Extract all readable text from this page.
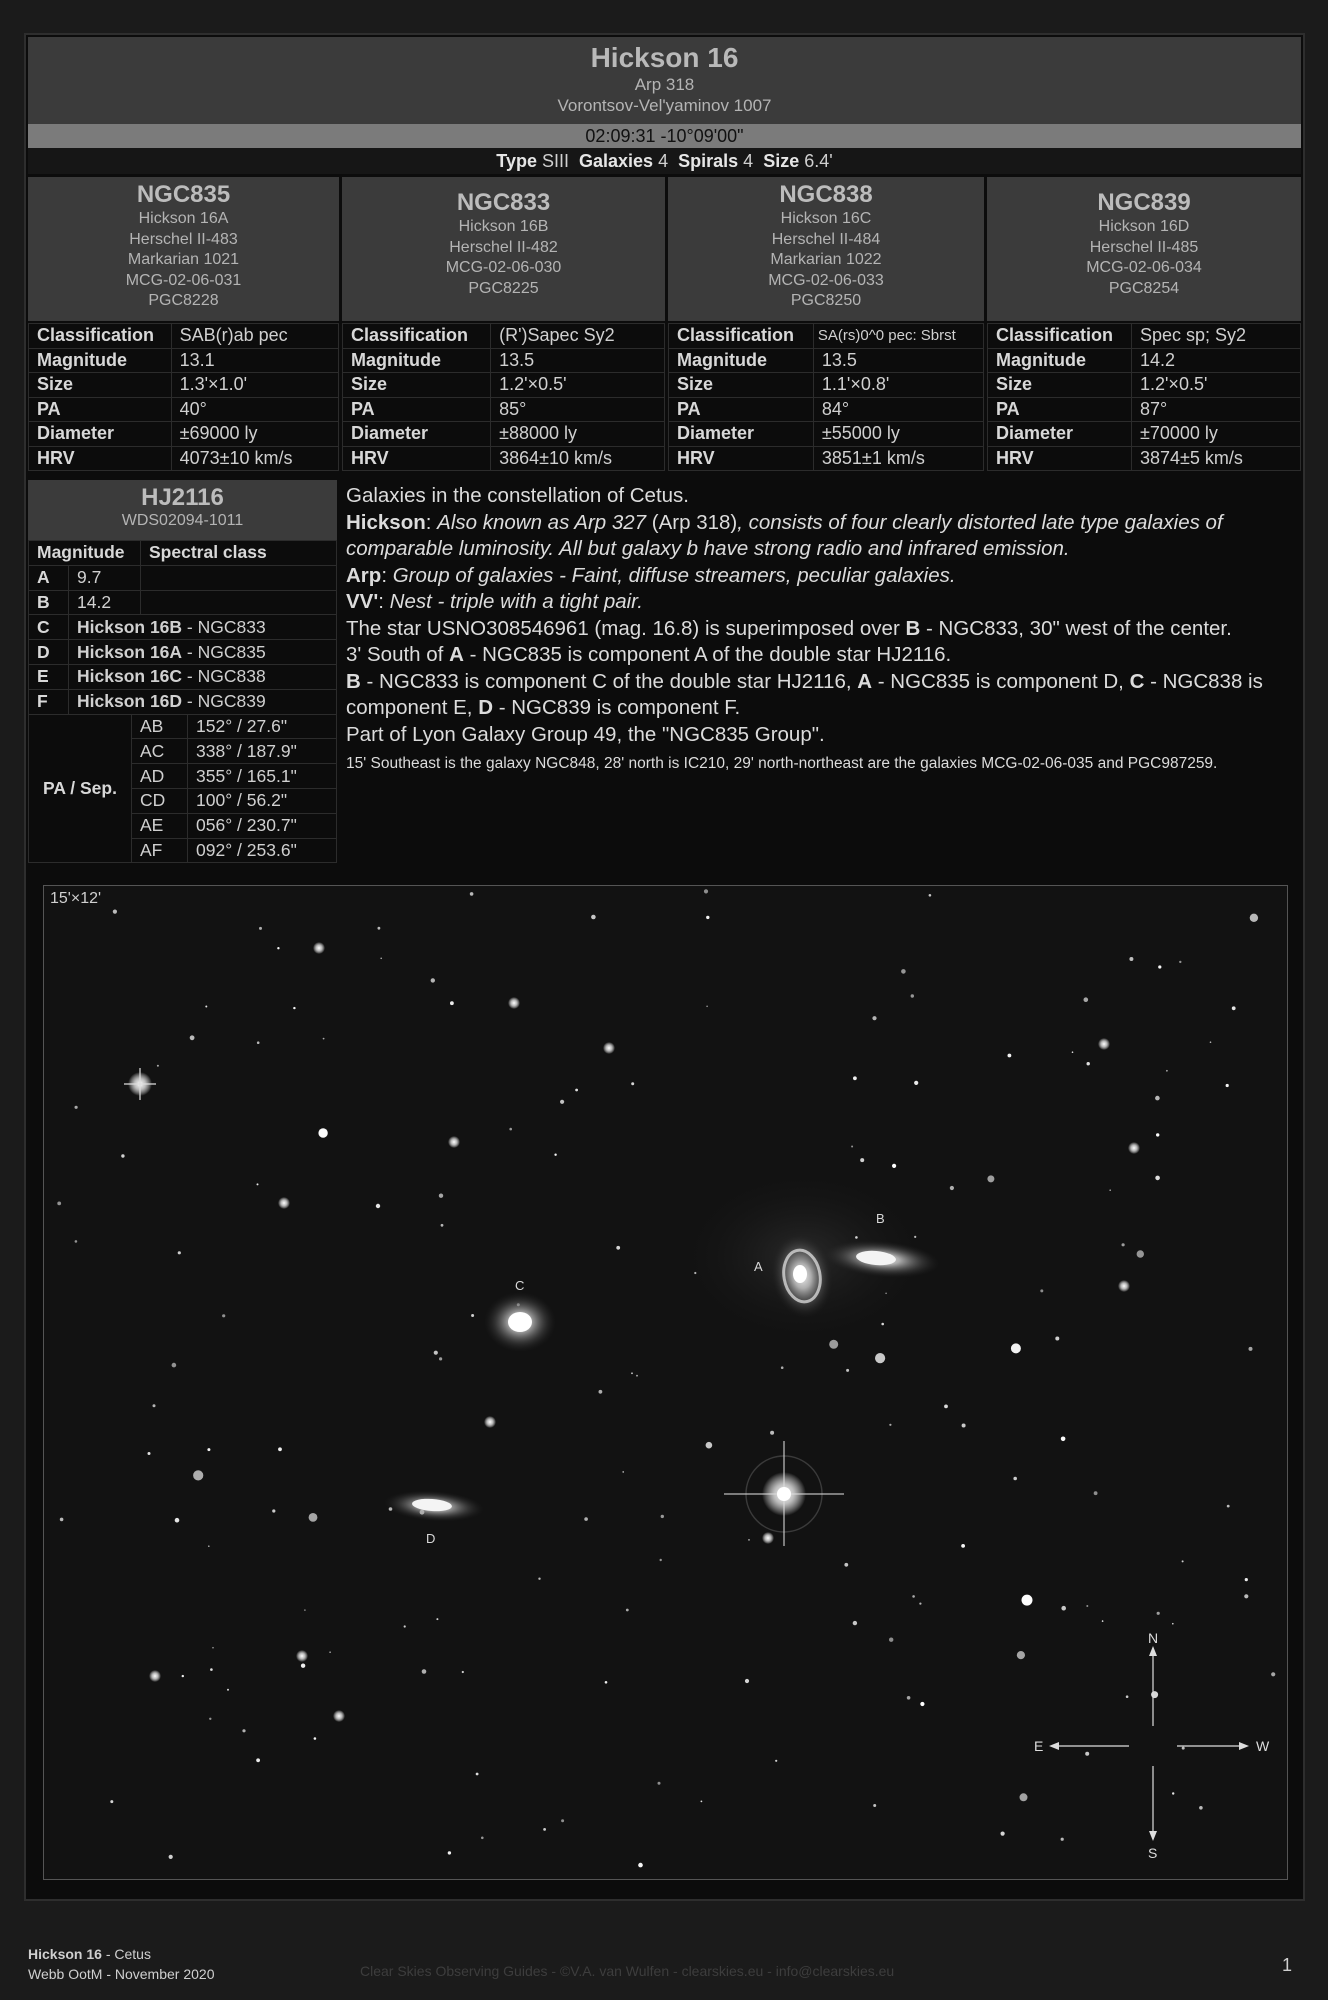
Hickson 16
Arp 318
Vorontsov-Vel'yaminov 1007
02:09:31 -10°09'00"
Type SIII Galaxies 4 Spirals 4 Size 6.4'
NGC835
Hickson 16A
Herschel II-483
Markarian 1021
MCG-02-06-031
PGC8228
Classification	SAB(r)ab pec
Magnitude	13.1
Size	1.3'×1.0'
PA	40°
Diameter	±69000 ly
HRV	4073±10 km/s
NGC833
Hickson 16B
Herschel II-482
MCG-02-06-030
PGC8225
Classification	(R')Sapec Sy2
Magnitude	13.5
Size	1.2'×0.5'
PA	85°
Diameter	±88000 ly
HRV	3864±10 km/s
NGC838
Hickson 16C
Herschel II-484
Markarian 1022
MCG-02-06-033
PGC8250
Classification	SA(rs)0^0 pec: Sbrst
Magnitude	13.5
Size	1.1'×0.8'
PA	84°
Diameter	±55000 ly
HRV	3851±1 km/s
NGC839
Hickson 16D
Herschel II-485
MCG-02-06-034
PGC8254
Classification	Spec sp; Sy2
Magnitude	14.2
Size	1.2'×0.5'
PA	87°
Diameter	±70000 ly
HRV	3874±5 km/s
HJ2116
WDS02094-1011
Magnitude		Spectral class
A	9.7	
B	14.2	
C	Hickson 16B - NGC833	
D	Hickson 16A - NGC835	
E	Hickson 16C - NGC838	
F	Hickson 16D - NGC839	
PA / Sep.	AB	152° / 27.6"
	AC	338° / 187.9"
	AD	355° / 165.1"
	CD	100° / 56.2"
	AE	056° / 230.7"
	AF	092° / 253.6"

Galaxies in the constellation of Cetus.

Hickson: Also known as Arp 327 (Arp 318), consists of four clearly distorted late type galaxies of comparable luminosity. All but galaxy b have strong radio and infrared emission.

Arp: Group of galaxies - Faint, diffuse streamers, peculiar galaxies.

VV': Nest - triple with a tight pair.

The star USNO308546961 (mag. 16.8) is superimposed over B - NGC833, 30" west of the center.

3' South of A - NGC835 is component A of the double star HJ2116.

B - NGC833 is component C of the double star HJ2116, A - NGC835 is component D, C - NGC838 is component E, D - NGC839 is component F.

Part of Lyon Galaxy Group 49, the "NGC835 Group".

15' Southeast is the galaxy NGC848, 28' north is IC210, 29' north-northeast are the galaxies MCG-02-06-035 and PGC987259.

A
B
C
D
N
S
E	W
15'×12'
Hickson 16 - Cetus
Webb OotM - November 2020	Clear Skies Observing Guides - ©V.A. van Wulfen - clearskies.eu - info@clearskies.eu	1
